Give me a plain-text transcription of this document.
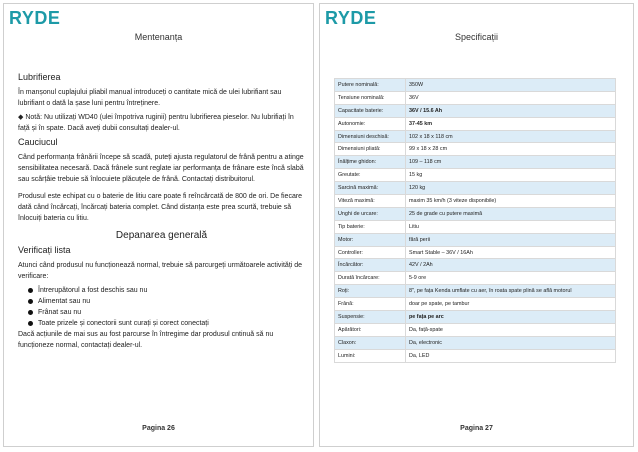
RYDE
Mentenanța
Lubrifierea

În manșonul cuplajului pliabil manual introduceți o cantitate mică de ulei lubrifiant sau lubrifiant o dată la șase luni pentru întreținere.

◆ Notă: Nu utilizați WD40 (ulei împotriva ruginii) pentru lubrifierea pieselor. Nu lubrifiați în față și în spate. Dacă aveți dubii consultați dealer-ul.

Cauciucul

Când performanța frânării începe să scadă, puteți ajusta regulatorul de frână pentru a atinge sensibilitatea necesară. Dacă frânele sunt reglate iar performanța de frânare este încă slabă sau scârțâie trebuie să înlocuiete plăcuțele de frână. Contactați distribuitorul.

Produsul este echipat cu o baterie de litiu care poate fi reîncărcată de 800 de ori. De fiecare dată când încărcați, încărcați bateria complet. Când distanța este prea scurtă, trebuie să înlocuiți bateria cu litiu.

Depanarea generală
Verificați lista

Atunci când produsul nu funcționează normal, trebuie să parcurgeți următoarele activități de verificare:

Întrerupătorul a fost deschis sau nu
Alimentat sau nu
Frânat sau nu
Toate prizele și conectorii sunt curați și corect conectați

Dacă acțiunile de mai sus au fost parcurse în întregime dar produsul cntinuă să nu funcționeze normal, contactați dealer-ul.

Pagina 26
RYDE
Specificații
Putere nominală:	350W
Tensiune nominală:	36V
Capacitate baterie:	36V / 15.6 Ah
Autonomie:	37-45 km
Dimensiuni deschisă:	102 x 18 x 118 cm
Dimensiuni pliată:	99 x 18 x 28 cm
Înălțime ghidon:	109 – 118 cm
Greutate:	15 kg
Sarcină maximă:	120 kg
Viteză maximă:	maxim 35 km/h (3 viteze disponibile)
Unghi de urcare:	25 de grade cu putere maximă
Tip baterie:	Litiu
Motor:	fără perii
Controller:	Smart Stable – 36V / 16Ah
Încărcător:	42V / 2Ah
Durată încărcare:	5-9 ore
Roți:	8", pe fața Kenda umflate cu aer, în roata spate plină se află motorul
Frână:	doar pe spate, pe tambur
Suspensie:	pe fața pe arc
Apărători:	Da, față-spate
Claxon:	Da, electronic
Lumini:	Da, LED
Pagina 27
